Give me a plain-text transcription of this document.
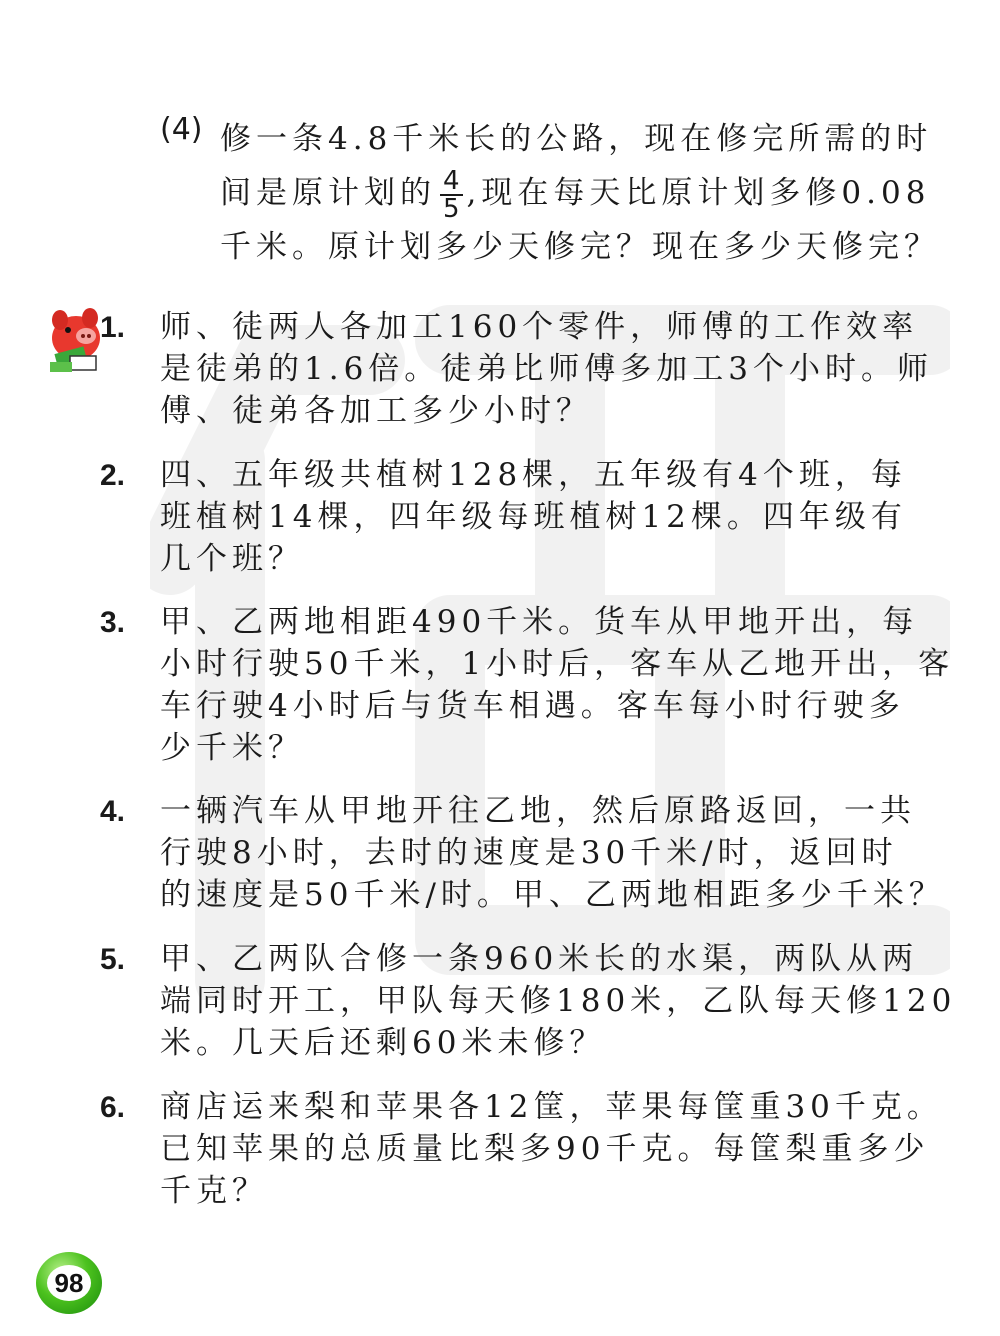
(4) 修一条4.8千米长的公路，现在修完所需的时
间是原计划的 $\frac{4}{5}$ ,现在每天比原计划多修0.08
千米。原计划多少天修完？现在多少天修完？
1. 师、徒两人各加工160个零件，师傅的工作效率
是徒弟的1.6倍。徒弟比师傅多加工3个小时。师
傅、徒弟各加工多少小时？
2. 四、五年级共植树128棵，五年级有4个班，每
班植树14棵，四年级每班植树12棵。四年级有
几个班？
3. 甲、乙两地相距490千米。货车从甲地开出，每
小时行驶50千米，1小时后，客车从乙地开出，客
车行驶4小时后与货车相遇。客车每小时行驶多
少千米？
4. 一辆汽车从甲地开往乙地，然后原路返回，一共
行驶8小时，去时的速度是30千米/时，返回时
的速度是50千米/时。甲、乙两地相距多少千米？
5. 甲、乙两队合修一条960米长的水渠，两队从两
端同时开工，甲队每天修180米，乙队每天修120
米。几天后还剩60米未修？
6. 商店运来梨和苹果各12筐，苹果每筐重30千克。
已知苹果的总质量比梨多90千克。每筐梨重多少
千克？
98
